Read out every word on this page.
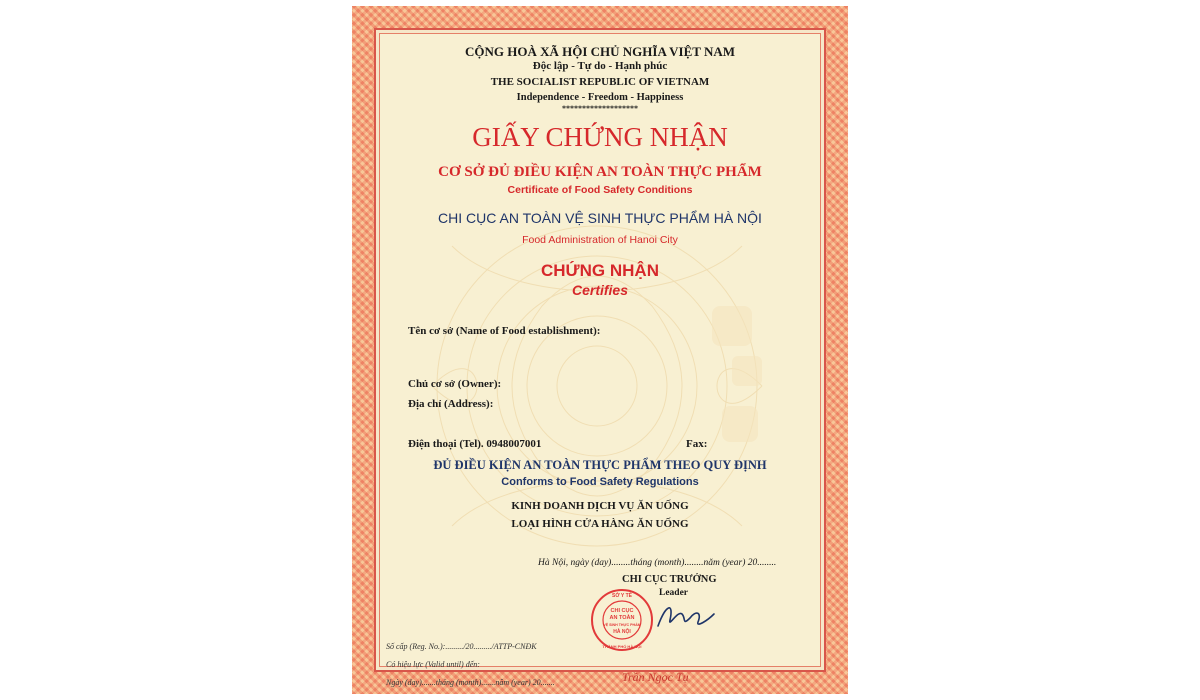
CỘNG HOÀ XÃ HỘI CHỦ NGHĨA VIỆT NAM
Độc lập - Tự do - Hạnh phúc
THE SOCIALIST REPUBLIC OF VIETNAM
Independence - Freedom - Happiness
*******************
GIẤY CHỨNG NHẬN
CƠ SỞ ĐỦ ĐIỀU KIỆN AN TOÀN THỰC PHẨM
Certificate of Food Safety Conditions
CHI CỤC AN TOÀN VỆ SINH THỰC PHẨM HÀ NỘI
Food Administration of Hanoi City
CHỨNG NHẬN
Certifies
Tên cơ sở (Name of Food establishment):
Chủ cơ sở (Owner):
Địa chỉ (Address):
Điện thoại (Tel). 0948007001	Fax:
ĐỦ ĐIỀU KIỆN AN TOÀN THỰC PHẨM THEO QUY ĐỊNH
Conforms to Food Safety Regulations
KINH DOANH DỊCH VỤ ĂN UỐNG
LOẠI HÌNH CỬA HÀNG ĂN UỐNG
Hà Nội, ngày (day)........tháng (month)........năm (year) 20........
CHI CỤC TRƯỞNG
Leader
SỞ Y TẾ
CHI CỤC
AN TOÀN
VỆ SINH THỰC PHẨM
HÀ NỘI
THÀNH PHỐ HÀ NỘI
Trần Ngọc Tụ
Số cấp (Reg. No.):........./20........./ATTP-CNĐK
Có hiệu lực (Valid until) đến:
Ngày (day).......tháng (month).......năm (year) 20.......
